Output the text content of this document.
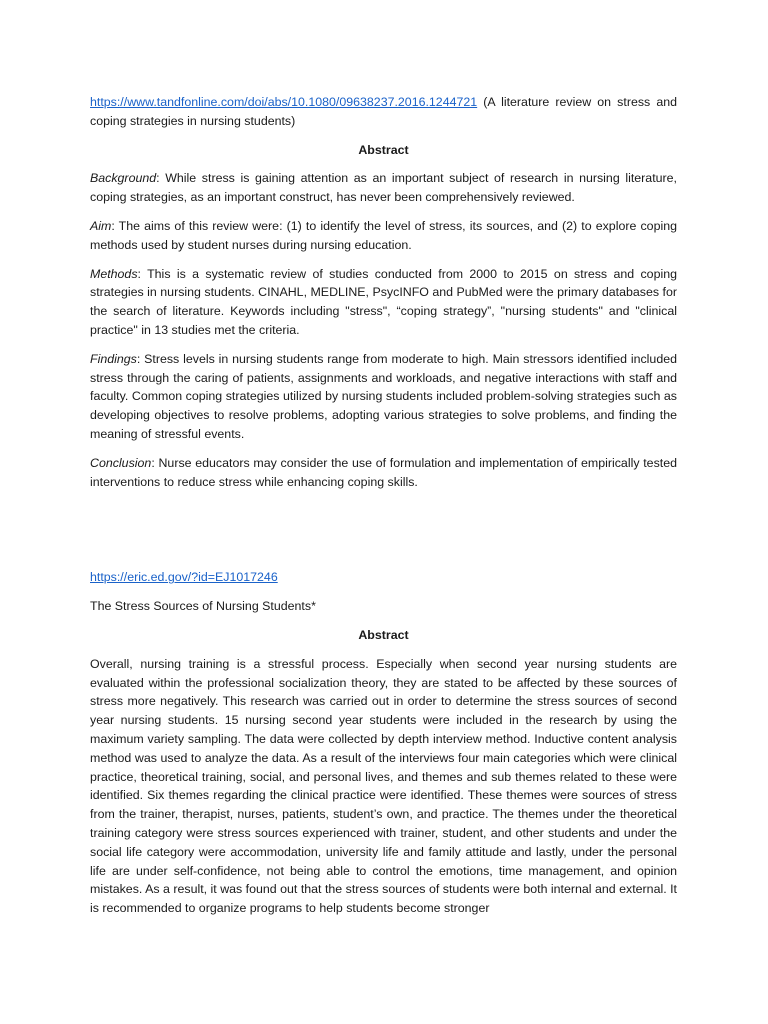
https://www.tandfonline.com/doi/abs/10.1080/09638237.2016.1244721 (A literature review on stress and coping strategies in nursing students)

Abstract

Background: While stress is gaining attention as an important subject of research in nursing literature, coping strategies, as an important construct, has never been comprehensively reviewed.

Aim: The aims of this review were: (1) to identify the level of stress, its sources, and (2) to explore coping methods used by student nurses during nursing education.

Methods: This is a systematic review of studies conducted from 2000 to 2015 on stress and coping strategies in nursing students. CINAHL, MEDLINE, PsycINFO and PubMed were the primary databases for the search of literature. Keywords including "stress", “coping strategy”, "nursing students" and "clinical practice" in 13 studies met the criteria.

Findings: Stress levels in nursing students range from moderate to high. Main stressors identified included stress through the caring of patients, assignments and workloads, and negative interactions with staff and faculty. Common coping strategies utilized by nursing students included problem-solving strategies such as developing objectives to resolve problems, adopting various strategies to solve problems, and finding the meaning of stressful events.

Conclusion: Nurse educators may consider the use of formulation and implementation of empirically tested interventions to reduce stress while enhancing coping skills.

https://eric.ed.gov/?id=EJ1017246

The Stress Sources of Nursing Students*

Abstract

Overall, nursing training is a stressful process. Especially when second year nursing students are evaluated within the professional socialization theory, they are stated to be affected by these sources of stress more negatively. This research was carried out in order to determine the stress sources of second year nursing students. 15 nursing second year students were included in the research by using the maximum variety sampling. The data were collected by depth interview method. Inductive content analysis method was used to analyze the data. As a result of the interviews four main categories which were clinical practice, theoretical training, social, and personal lives, and themes and sub themes related to these were identified. Six themes regarding the clinical practice were identified. These themes were sources of stress from the trainer, therapist, nurses, patients, student’s own, and practice. The themes under the theoretical training category were stress sources experienced with trainer, student, and other students and under the social life category were accommodation, university life and family attitude and lastly, under the personal life are under self-confidence, not being able to control the emotions, time management, and opinion mistakes. As a result, it was found out that the stress sources of students were both internal and external. It is recommended to organize programs to help students become stronger
